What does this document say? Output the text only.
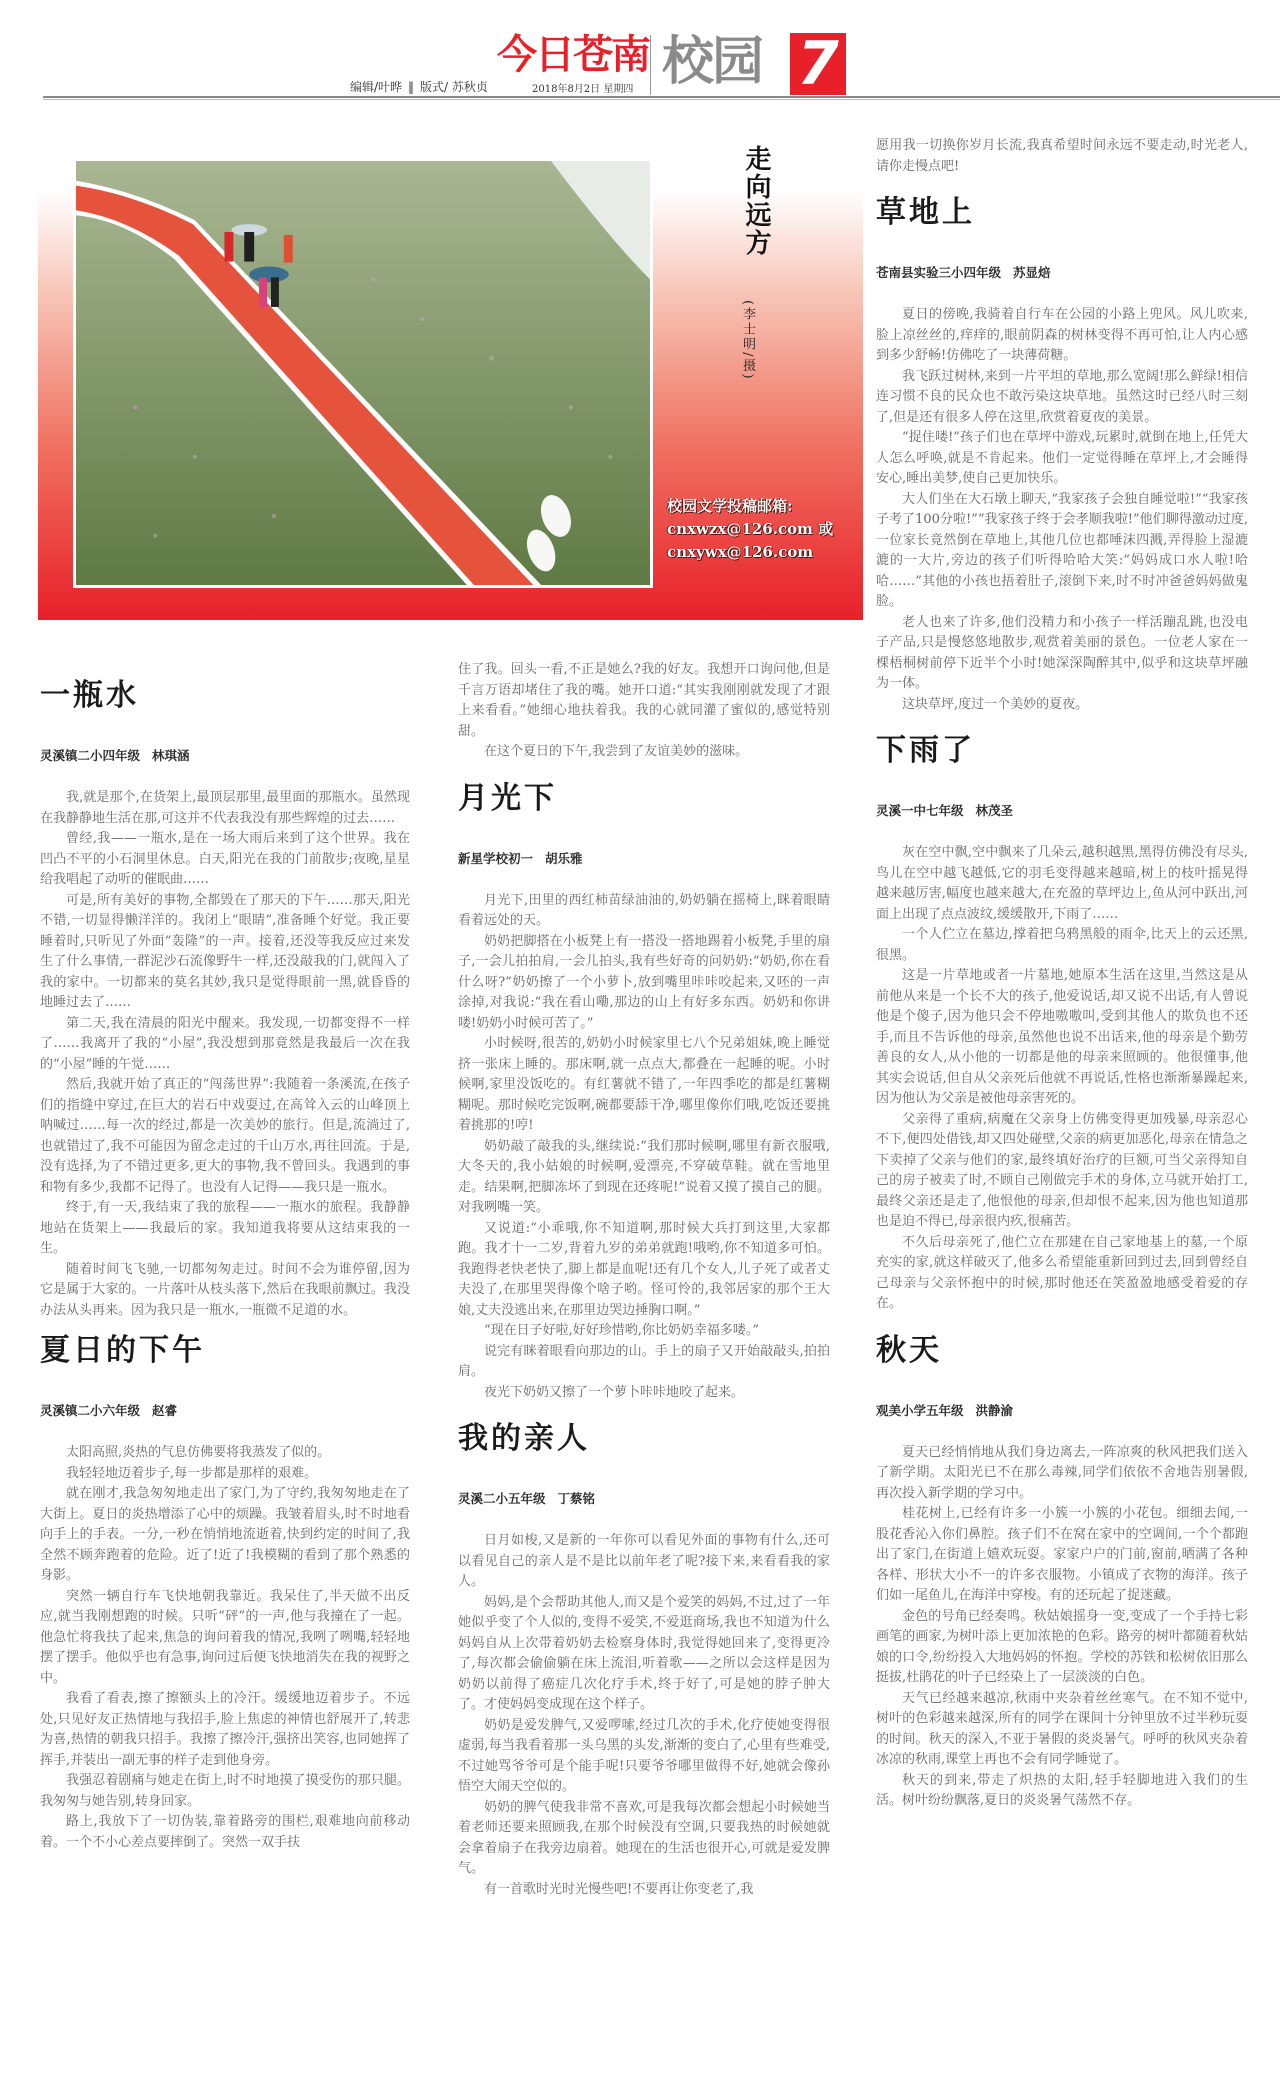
今日苍南 校园 7
编辑/叶晔 ‖ 版式/ 苏秋贞	2018年8月2日 星期四
走向远方
(李士明/摄)
校园文学投稿邮箱:
cnxwzx@126.com 或
cnxywx@126.com
一瓶水
灵溪镇二小四年级 林琪涵

我,就是那个,在货架上,最顶层那里,最里面的那瓶水。虽然现在我静静地生活在那,可这并不代表我没有那些辉煌的过去……

曾经,我——一瓶水,是在一场大雨后来到了这个世界。我在凹凸不平的小石洞里休息。白天,阳光在我的门前散步;夜晚,星星给我唱起了动听的催眠曲……

可是,所有美好的事物,全都毁在了那天的下午……那天,阳光不错,一切显得懒洋洋的。我闭上“眼睛”,准备睡个好觉。我正要睡着时,只听见了外面“轰隆”的一声。接着,还没等我反应过来发生了什么事情,一群泥沙石流像野牛一样,还没敲我的门,就闯入了我的家中。一切都来的莫名其妙,我只是觉得眼前一黑,就昏昏的地睡过去了……

第二天,我在清晨的阳光中醒来。我发现,一切都变得不一样了……我离开了我的“小屋”,我没想到那竟然是我最后一次在我的“小屋”睡的午觉……

然后,我就开始了真正的“闯荡世界”:我随着一条溪流,在孩子们的指缝中穿过,在巨大的岩石中戏耍过,在高耸入云的山峰顶上呐喊过……每一次的经过,都是一次美妙的旅行。但是,流淌过了,也就错过了,我不可能因为留念走过的千山万水,再往回流。于是,没有选择,为了不错过更多,更大的事物,我不曾回头。我遇到的事和物有多少,我都不记得了。也没有人记得——我只是一瓶水。

终于,有一天,我结束了我的旅程——一瓶水的旅程。我静静地站在货架上——我最后的家。我知道我将要从这结束我的一生。

随着时间飞飞驰,一切都匆匆走过。时间不会为谁停留,因为它是属于大家的。一片落叶从枝头落下,然后在我眼前飘过。我没办法从头再来。因为我只是一瓶水,一瓶微不足道的水。

夏日的下午
灵溪镇二小六年级 赵睿

太阳高照,炎热的气息仿佛要将我蒸发了似的。

我轻轻地迈着步子,每一步都是那样的艰难。

就在刚才,我急匆匆地走出了家门,为了守约,我匆匆地走在了大街上。夏日的炎热增添了心中的烦躁。我皱着眉头,时不时地看向手上的手表。一分,一秒在悄悄地流逝着,快到约定的时间了,我全然不顾奔跑着的危险。近了!近了!我模糊的看到了那个熟悉的身影。

突然一辆自行车飞快地朝我靠近。我呆住了,半天做不出反应,就当我刚想跑的时候。只听“砰”的一声,他与我撞在了一起。他急忙将我扶了起来,焦急的询问着我的情况,我咧了咧嘴,轻轻地摆了摆手。他似乎也有急事,询问过后便飞快地消失在我的视野之中。

我看了看表,擦了擦额头上的冷汗。缓缓地迈着步子。不远处,只见好友正热情地与我招手,脸上焦虑的神情也舒展开了,转悲为喜,热情的朝我只招手。我擦了擦冷汗,强挤出笑容,也同她挥了挥手,并装出一副无事的样子走到他身旁。

我强忍着剧痛与她走在街上,时不时地摸了摸受伤的那只腿。我匆匆与她告别,转身回家。

路上,我放下了一切伪装,靠着路旁的围栏,艰难地向前移动着。一个不小心差点要摔倒了。突然一双手扶

住了我。回头一看,不正是她么?我的好友。我想开口询问他,但是千言万语却堵住了我的嘴。她开口道:“其实我刚刚就发现了才跟上来看看。”她细心地扶着我。我的心就同灌了蜜似的,感觉特别甜。

在这个夏日的下午,我尝到了友谊美妙的滋味。

月光下
新星学校初一 胡乐雅

月光下,田里的西红柿苗绿油油的,奶奶躺在摇椅上,眯着眼睛看着远处的天。

奶奶把脚搭在小板凳上有一搭没一搭地踢着小板凳,手里的扇子,一会儿拍拍肩,一会儿拍头,我有些好奇的问奶奶:“奶奶,你在看什么呀?”奶奶擦了一个小萝卜,放到嘴里咔咔咬起来,又呸的一声涂掉,对我说:“我在看山嘞,那边的山上有好多东西。奶奶和你讲喽!奶奶小时候可苦了。”

小时候呀,很苦的,奶奶小时候家里七八个兄弟姐妹,晚上睡觉挤一张床上睡的。那床啊,就一点点大,都叠在一起睡的呢。小时候啊,家里没饭吃的。有红薯就不错了,一年四季吃的都是红薯糊糊呢。那时候吃完饭啊,碗都要舔干净,哪里像你们哦,吃饭还要挑着挑那的!哼!

奶奶敲了敲我的头,继续说:“我们那时候啊,哪里有新衣服哦,大冬天的,我小姑娘的时候啊,爱漂亮,不穿破草鞋。就在雪地里走。结果啊,把脚冻坏了到现在还疼呢!”说着又摸了摸自己的腿。对我咧嘴一笑。

又说道:“小乖哦,你不知道啊,那时候大兵打到这里,大家都跑。我才十一二岁,背着九岁的弟弟就跑!哦哟,你不知道多可怕。我跑得老快老快了,脚上都是血呢!还有几个女人,儿子死了或者丈夫没了,在那里哭得像个啥子哟。怪可怜的,我邻居家的那个王大娘,丈夫没逃出来,在那里边哭边捶胸口啊。”

“现在日子好啦,好好珍惜哟,你比奶奶幸福多喽。”

说完有眯着眼看向那边的山。手上的扇子又开始敲敲头,拍拍肩。

夜光下奶奶又擦了一个萝卜咔咔地咬了起来。

我的亲人
灵溪二小五年级 丁蔡铭

日月如梭,又是新的一年你可以看见外面的事物有什么,还可以看见自己的亲人是不是比以前年老了呢?接下来,来看看我的家人。

妈妈,是个会帮助其他人,而又是个爱笑的妈妈,不过,过了一年她似乎变了个人似的,变得不爱笑,不爱逛商场,我也不知道为什么妈妈自从上次带着奶奶去检察身体时,我觉得她回来了,变得更冷了,每次都会偷偷躺在床上流泪,听着歌——之所以会这样是因为奶奶以前得了癌症几次化疗手术,终于好了,可是她的脖子肿大了。才使妈妈变成现在这个样子。

奶奶是爱发脾气,又爱啰嗦,经过几次的手术,化疗使她变得很虚弱,每当我看着那一头乌黑的头发,渐渐的变白了,心里有些难受,不过她骂爷爷可是个能手呢!只要爷爷哪里做得不好,她就会像孙悟空大闹天空似的。

奶奶的脾气使我非常不喜欢,可是我每次都会想起小时候她当着老师还要来照顾我,在那个时候没有空调,只要我热的时候她就会拿着扇子在我旁边扇着。她现在的生活也很开心,可就是爱发脾气。

有一首歌时光时光慢些吧!不要再让你变老了,我

愿用我一切换你岁月长流,我真希望时间永远不要走动,时光老人,请你走慢点吧!

草地上
苍南县实验三小四年级 苏显焙

夏日的傍晚,我骑着自行车在公园的小路上兜风。风儿吹来,脸上凉丝丝的,痒痒的,眼前阴森的树林变得不再可怕,让人内心感到多少舒畅!仿佛吃了一块薄荷糖。

我飞跃过树林,来到一片平坦的草地,那么宽阔!那么鲜绿!相信连习惯不良的民众也不敢污染这块草地。虽然这时已经八时三刻了,但是还有很多人停在这里,欣赏着夏夜的美景。

“捉住喽!”孩子们也在草坪中游戏,玩累时,就倒在地上,任凭大人怎么呼唤,就是不肯起来。他们一定觉得睡在草坪上,才会睡得安心,睡出美梦,使自己更加快乐。

大人们坐在大石墩上聊天,“我家孩子会独自睡觉啦!”“我家孩子考了100分啦!”“我家孩子终于会孝顺我啦!”他们聊得激动过度,一位家长竟然倒在草地上,其他几位也都唾沫四溅,弄得脸上湿漉漉的一大片,旁边的孩子们听得哈哈大笑:“妈妈成口水人啦!哈哈……”其他的小孩也捂着肚子,滚倒下来,时不时冲爸爸妈妈做鬼脸。

老人也来了许多,他们没精力和小孩子一样活蹦乱跳,也没电子产品,只是慢悠悠地散步,观赏着美丽的景色。一位老人家在一棵梧桐树前停下近半个小时!她深深陶醉其中,似乎和这块草坪融为一体。

这块草坪,度过一个美妙的夏夜。

下雨了
灵溪一中七年级 林茂圣

灰在空中飘,空中飘来了几朵云,越积越黑,黑得仿佛没有尽头,鸟儿在空中越飞越低,它的羽毛变得越来越暗,树上的枝叶摇晃得越来越厉害,幅度也越来越大,在充盈的草坪边上,鱼从河中跃出,河面上出现了点点波纹,缓缓散开,下雨了……

一个人伫立在墓边,撑着把乌鸦黑般的雨伞,比天上的云还黑,很黑。

这是一片草地或者一片墓地,她原本生活在这里,当然这是从前他从来是一个长不大的孩子,他爱说话,却又说不出话,有人曾说他是个傻子,因为他只会不停地嗷嗷叫,受到其他人的欺负也不还手,而且不告诉他的母亲,虽然他也说不出话来,他的母亲是个勤劳善良的女人,从小他的一切都是他的母亲来照顾的。他很懂事,他其实会说话,但自从父亲死后他就不再说话,性格也渐渐暴躁起来,因为他认为父亲是被他母亲害死的。

父亲得了重病,病魔在父亲身上仿佛变得更加残暴,母亲忍心不下,便四处借钱,却又四处碰壁,父亲的病更加恶化,母亲在情急之下卖掉了父亲与他们的家,最终填好治疗的巨额,可当父亲得知自己的房子被卖了时,不顾自己刚做完手术的身体,立马就开始打工,最终父亲还是走了,他恨他的母亲,但却恨不起来,因为他也知道那也是迫不得已,母亲很内疚,很痛苦。

不久后母亲死了,他伫立在那建在自己家地基上的墓,一个原充实的家,就这样破灭了,他多么希望能重新回到过去,回到曾经自己母亲与父亲怀抱中的时候,那时他还在笑盈盈地感受着爱的存在。

秋天
观美小学五年级 洪静渝

夏天已经悄悄地从我们身边离去,一阵凉爽的秋风把我们送入了新学期。太阳光已不在那么毒辣,同学们依依不舍地告别暑假,再次投入新学期的学习中。

桂花树上,已经有许多一小簇一小簇的小花包。细细去闻,一股花香沁入你们鼻腔。孩子们不在窝在家中的空调间,一个个都跑出了家门,在街道上嬉欢玩耍。家家户户的门前,窗前,晒满了各种各样、形状大小不一的许多衣服物。小镇成了衣物的海洋。孩子们如一尾鱼儿,在海洋中穿梭。有的还玩起了捉迷藏。

金色的号角已经奏鸣。秋姑娘摇身一变,变成了一个手持七彩画笔的画家,为树叶添上更加浓艳的色彩。路旁的树叶都随着秋姑娘的口令,纷纷投入大地妈妈的怀抱。学校的苏铁和松树依旧那么挺拔,杜鹃花的叶子已经染上了一层淡淡的白色。

天气已经越来越凉,秋雨中夹杂着丝丝寒气。在不知不觉中,树叶的色彩越来越深,所有的同学在课间十分钟里放不过半秒玩耍的时间。秋天的深入,不亚于暑假的炎炎暑气。呼呼的秋风夹杂着冰凉的秋雨,课堂上再也不会有同学睡觉了。

秋天的到来,带走了炽热的太阳,轻手轻脚地进入我们的生活。树叶纷纷飘落,夏日的炎炎暑气荡然不存。
